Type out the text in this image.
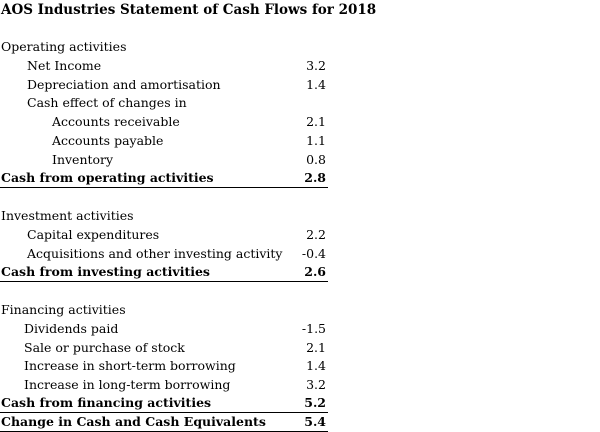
AOS Industries Statement of Cash Flows for 2018
Operating activities
Net Income	3.2
Depreciation and amortisation	1.4
Cash effect of changes in
Accounts receivable	2.1
Accounts payable	1.1
Inventory	0.8
Cash from operating activities	2.8
Investment activities
Capital expenditures	2.2
Acquisitions and other investing activity -0.4
Cash from investing activities	2.6
Financing activities
Dividends paid	-1.5
Sale or purchase of stock	2.1
Increase in short-term borrowing	1.4
Increase in long-term borrowing	3.2
Cash from financing activities	5.2
Change in Cash and Cash Equivalents	5.4
